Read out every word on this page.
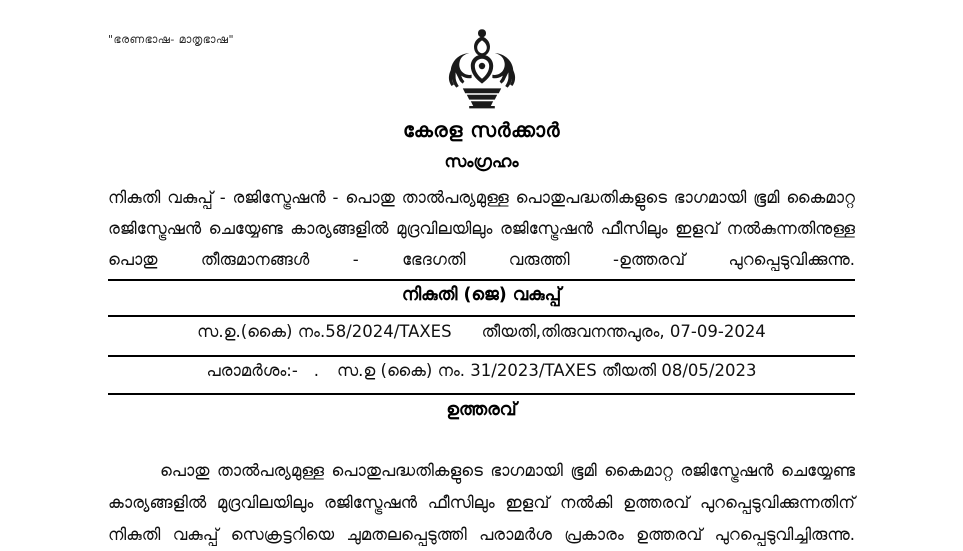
"ഭരണഭാഷ- മാതൃഭാഷ"
കേരള സർക്കാർ
സംഗ്രഹം
നികുതി വകുപ്പ് - രജിസ്ട്രേഷൻ - പൊതു താൽപര്യമുള്ള പൊതുപദ്ധതികളുടെ ഭാഗമായി ഭൂമി കൈമാറ്റ രജിസ്ട്രേഷൻ ചെയ്യേണ്ട കാര്യങ്ങളിൽ മുദ്രവിലയിലും രജിസ്ട്രേഷൻ ഫീസിലും ഇളവ് നൽകുന്നതിനുള്ള പൊതു തീരുമാനങ്ങൾ - ഭേദഗതി വരുത്തി -ഉത്തരവ് പുറപ്പെടുവിക്കുന്നു.
നികുതി (ജെ) വകുപ്പ്
സ.ഉ.(കൈ) നം.58/2024/TAXES തീയതി,തിരുവനന്തപുരം, 07-09-2024
പരാമർശം:- . സ.ഉ (കൈ) നം. 31/2023/TAXES തീയതി 08/05/2023
ഉത്തരവ്
പൊതു താൽപര്യമുള്ള പൊതുപദ്ധതികളുടെ ഭാഗമായി ഭൂമി കൈമാറ്റ രജിസ്ട്രേഷൻ ചെയ്യേണ്ട
കാര്യങ്ങളിൽ മുദ്രവിലയിലും രജിസ്ട്രേഷൻ ഫീസിലും ഇളവ് നൽകി ഉത്തരവ് പുറപ്പെടുവിക്കുന്നതിന്
നികുതി വകുപ്പ് സെക്രട്ടറിയെ ചുമതലപ്പെടുത്തി പരാമർശ പ്രകാരം ഉത്തരവ് പുറപ്പെടുവിച്ചിരുന്നു.
